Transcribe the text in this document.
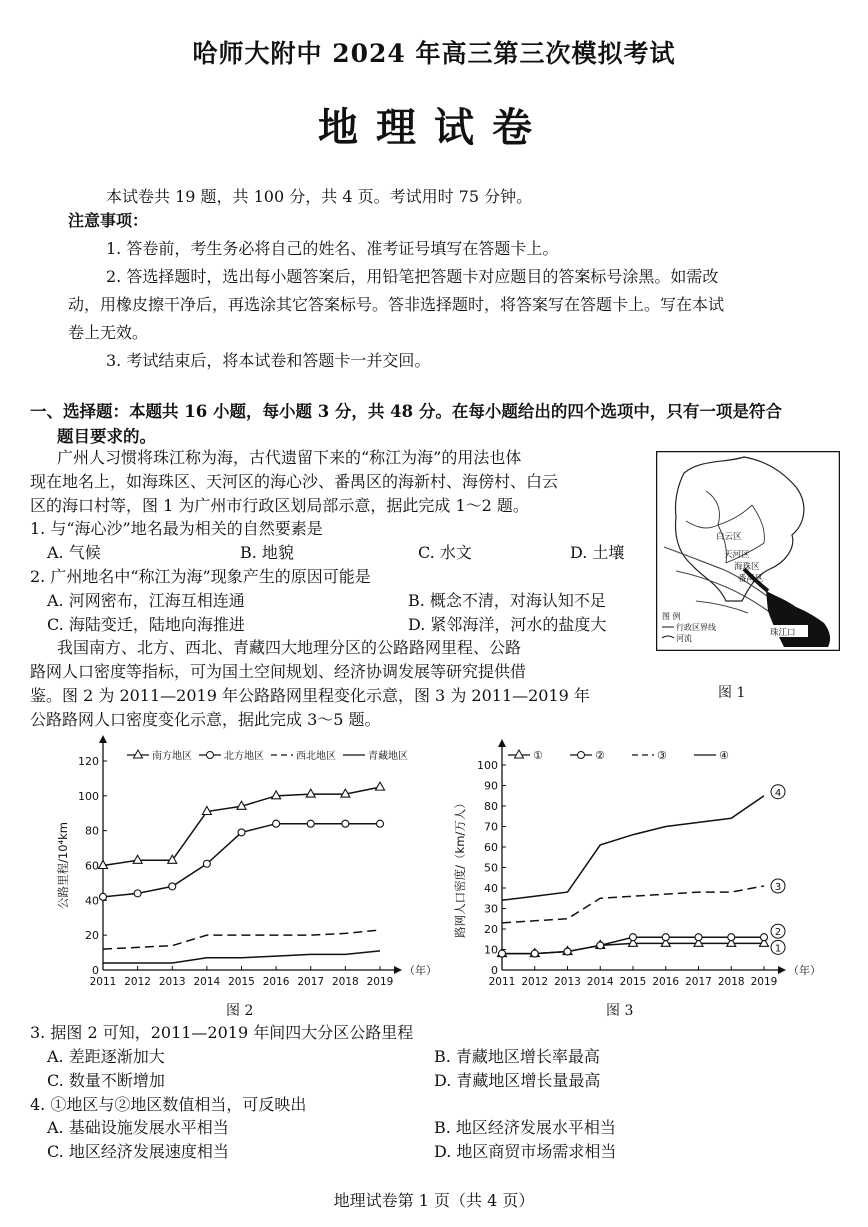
哈师大附中 2024 年高三第三次模拟考试
地理试卷
本试卷共 19 题，共 100 分，共 4 页。考试用时 75 分钟。
注意事项：
1. 答卷前，考生务必将自己的姓名、准考证号填写在答题卡上。
2. 答选择题时，选出每小题答案后，用铅笔把答题卡对应题目的答案标号涂黑。如需改
动，用橡皮擦干净后，再选涂其它答案标号。答非选择题时，将答案写在答题卡上。写在本试
卷上无效。
3. 考试结束后，将本试卷和答题卡一并交回。
一、选择题：本题共 16 小题，每小题 3 分，共 48 分。在每小题给出的四个选项中，只有一项是符合
题目要求的。
广州人习惯将珠江称为海，古代遗留下来的“称江为海”的用法也体
现在地名上，如海珠区、天河区的海心沙、番禺区的海新村、海傍村、白云
区的海口村等，图 1 为广州市行政区划局部示意，据此完成 1～2 题。
1. 与“海心沙”地名最为相关的自然要素是
A. 气候	B. 地貌	C. 水文	D. 土壤
2. 广州地名中“称江为海”现象产生的原因可能是
A. 河网密布，江海互相连通	B. 概念不清，对海认知不足
C. 海陆变迁，陆地向海推进	D. 紧邻海洋，河水的盐度大
我国南方、北方、西北、青藏四大地理分区的公路路网里程、公路
路网人口密度等指标，可为国土空间规划、经济协调发展等研究提供借
鉴。图 2 为 2011—2019 年公路路网里程变化示意，图 3 为 2011—2019 年
公路路网人口密度变化示意，据此完成 3～5 题。
白云区
天河区
海珠区
番禺区
珠江口
图 例
行政区界线
河流
图 1
0
20
40
60
80
100
120
2011 2012 2013 2014 2015 2016 2017 2018 2019
（年）
公路里程/10⁴km
南方地区	北方地区	西北地区	青藏地区
图 2
0
10
20
30
40
50
60
70
80
90
100
2011 2012 2013 2014 2015 2016 2017 2018 2019
（年）
路网人口密度/（km/万人）
1
2
3
4
①	②	③	④
图 3
3. 据图 2 可知，2011—2019 年间四大分区公路里程
A. 差距逐渐加大	B. 青藏地区增长率最高
C. 数量不断增加	D. 青藏地区增长量最高
4. ①地区与②地区数值相当，可反映出
A. 基础设施发展水平相当	B. 地区经济发展水平相当
C. 地区经济发展速度相当	D. 地区商贸市场需求相当
地理试卷第 1 页（共 4 页）
